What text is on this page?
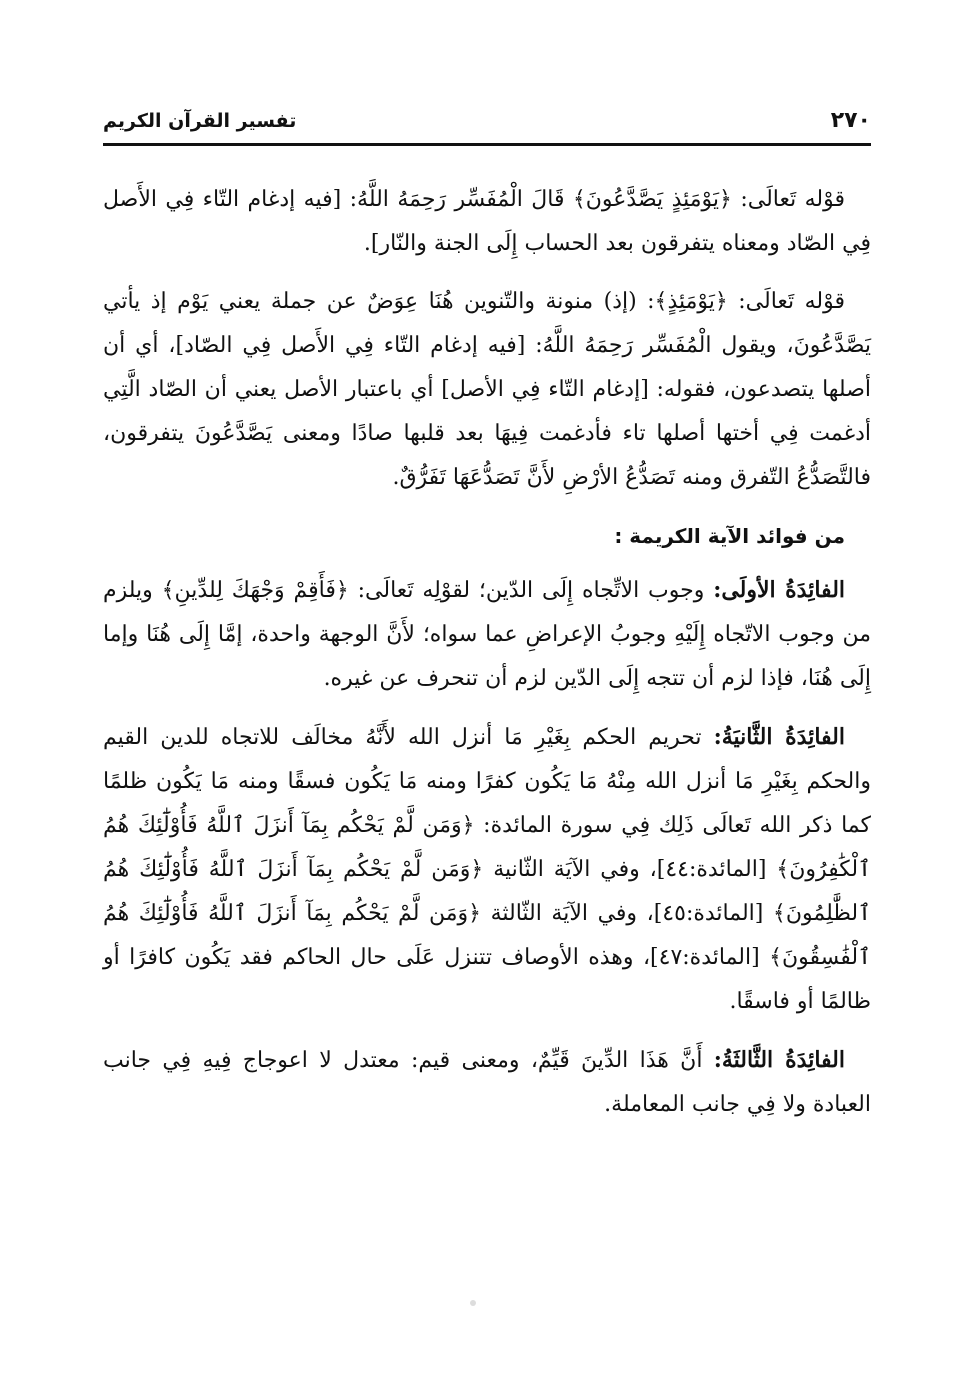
٢٧٠
تفسير القرآن الكريم

قوْله تَعالَى: ﴿يَوْمَئِذٍ يَصَّدَّعُونَ﴾ قَالَ الْمُفَسِّر رَحِمَهُ اللَّهُ: [فيه إدغام التّاء فِي الأَصل فِي الصّاد ومعناه يتفرقون بعد الحساب إِلَى الجنة والنّار].

قوْله تَعالَى: ﴿يَوْمَئِذٍ﴾: (إذ) منونة والتّنوين هُنَا عِوَضٌ عن جملة يعني يَوْم إذ يأتي يَصَّدَّعُونَ، ويقول الْمُفَسِّر رَحِمَهُ اللَّهُ: [فيه إدغام التّاء فِي الأَصل فِي الصّاد]، أي أن أصلها يتصدعون، فقوله: [إدغام التّاء فِي الأصل] أي باعتبار الأصل يعني أن الصّاد الَّتِي أدغمت فِي أختها أصلها تاء فأدغمت فِيهَا بعد قلبها صادًا ومعنى يَصَّدَّعُونَ يتفرقون، فالتَّصَدُّعُ التّفرق ومنه تَصَدُّعُ الأرْضِ لأَنَّ تَصَدُّعَهَا تَفَرُّقٌ.

من فوائد الآية الكريمة :

الفائِدَةُ الأولَى: وجوب الاتِّجاه إِلَى الدّين؛ لقوْلِه تَعالَى: ﴿فَأَقِمْ وَجْهَكَ لِلدِّينِ﴾ ويلزم من وجوب الاتّجاه إِلَيْهِ وجوبُ الإعراضِ عما سواه؛ لأَنَّ الوجهة واحدة، إمَّا إِلَى هُنَا وإما إِلَى هُنَا، فإذا لزم أن تتجه إِلَى الدّين لزم أن تنحرف عن غيره.

الفائِدَةُ الثَّانيَةُ: تحريم الحكم بِغَيْرِ مَا أنزل الله لأَنَّهُ مخالَف للاتجاه للدين القيم والحكم بِغَيْرِ مَا أنزل الله مِنْهُ مَا يَكُون كفرًا ومنه مَا يَكُون فسقًا ومنه مَا يَكُون ظلمًا كما ذكر الله تَعالَى ذَلِك فِي سورة المائدة: ﴿وَمَن لَّمْ يَحْكُم بِمَآ أَنزَلَ ٱللَّهُ فَأُوْلَٰٓئِكَ هُمُ ٱلْكَٰفِرُونَ﴾ [المائدة:٤٤]، وفي الآيَة الثّانية ﴿وَمَن لَّمْ يَحْكُم بِمَآ أَنزَلَ ٱللَّهُ فَأُوْلَٰٓئِكَ هُمُ ٱلظَّٰلِمُونَ﴾ [المائدة:٤٥]، وفي الآيَة الثّالثة ﴿وَمَن لَّمْ يَحْكُم بِمَآ أَنزَلَ ٱللَّهُ فَأُوْلَٰٓئِكَ هُمُ ٱلْفَٰسِقُونَ﴾ [المائدة:٤٧]، وهذه الأوصاف تتنزل عَلَى حال الحاكم فقد يَكُون كافرًا أو ظالمًا أو فاسقًا.

الفائِدَةُ الثَّالثَةُ: أَنَّ هَذَا الدِّينَ قَيِّمٌ، ومعنى قيم: معتدل لا اعوجاج فِيهِ فِي جانب العبادة ولا فِي جانب المعاملة.
